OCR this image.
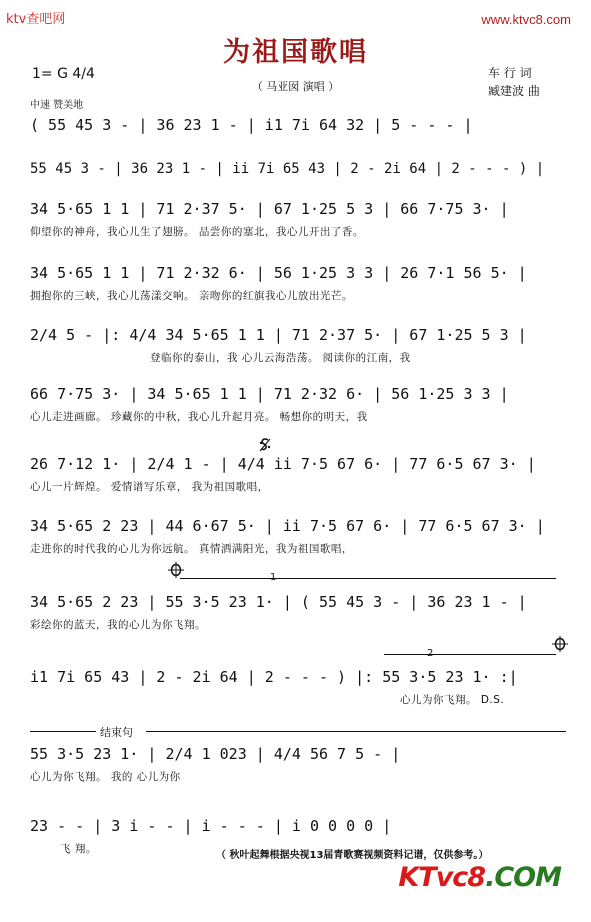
ktv查吧网	www.ktvc8.com
为祖国歌唱
（ 马亚囡 演唱 ）
车 行 词
臧建波 曲
1= G 4/4
中速 赞美地
( 55 45 3 - | 36 23 1 - | i1 7i 64 32 | 5 - - - |
55 45 3 - | 36 23 1 - | ii 7i 65 43 | 2 - 2i 64 | 2 - - - ) |
34 5·65 1 1 | 71 2·37 5· | 67 1·25 5 3 | 66 7·75 3· |
仰望你的神舟，我心儿生了翅膀。 品尝你的塞北，我心儿开出了香。
34 5·65 1 1 | 71 2·32 6· | 56 1·25 3 3 | 26 7·1 56 5· |
拥抱你的三峡，我心儿荡漾交响。 亲吻你的红旗我心儿放出光芒。
2/4 5 - |: 4/4 34 5·65 1 1 | 71 2·37 5· | 67 1·25 5 3 |
登临你的泰山，我 心儿云海浩荡。 阅读你的江南，我
66 7·75 3· | 34 5·65 1 1 | 71 2·32 6· | 56 1·25 3 3 |
心儿走进画廊。 珍藏你的中秋，我心儿升起月亮。 畅想你的明天，我
26 7·12 1· | 2/4 1 - | 4/4 ii 7·5 67 6· | 77 6·5 67 3· |
心儿一片辉煌。 爱情谱写乐章， 我为祖国歌唱，
34 5·65 2 23 | 44 6·67 5· | ii 7·5 67 6· | 77 6·5 67 3· |
走进你的时代我的心儿为你远航。 真情洒满阳光，我为祖国歌唱，
34 5·65 2 23 | 55 3·5 23 1· | ( 55 45 3 - | 36 23 1 - |
彩绘你的蓝天，我的心儿为你飞翔。
i1 7i 65 43 | 2 - 2i 64 | 2 - - - ) |: 55 3·5 23 1· :|
心儿为你飞翔。 D.S.
55 3·5 23 1· | 2/4 1 023 | 4/4 56 7 5 - |
心儿为你飞翔。 我的 心儿为你
23 - - | 3 i - - | i - - - | i 0 0 0 0 |
飞 翔。
结束句
（ 秋叶起舞根据央视13届青歌赛视频资料记谱，仅供参考。）
KTvc8.COM
